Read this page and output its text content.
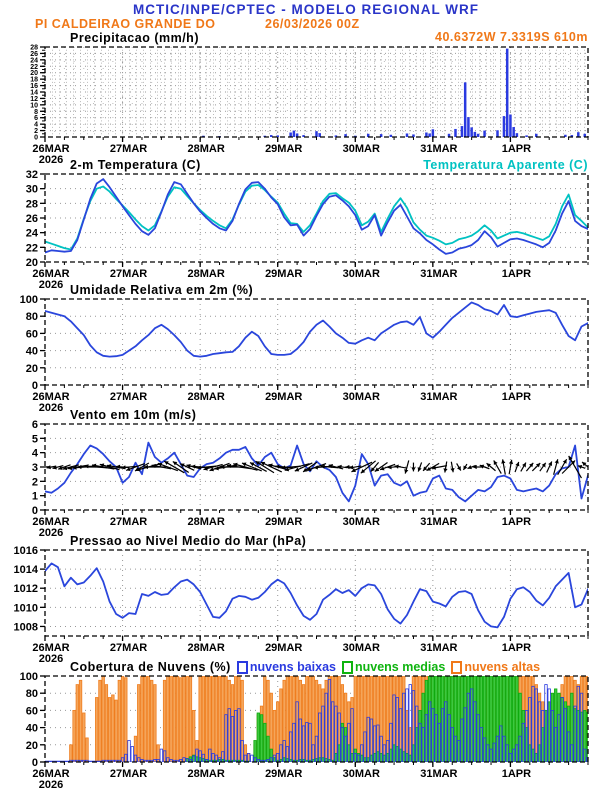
MCTIC/INPE/CPTEC - MODELO REGIONAL WRF
PI CALDEIRAO GRANDE DO	26/03/2026 00Z
Precipitacao (mm/h)	40.6372W 7.3319S 610m
0
2
4
6
8
10
12
14
16
18
20
22
24
26
28
26MAR
2026
27MAR	28MAR	29MAR	30MAR	31MAR	1APR
2-m Temperatura (C)	Temperatura Aparente (C)
20
22
24
26
28
30
32
26MAR
2026
27MAR	28MAR	29MAR	30MAR	31MAR	1APR
Umidade Relativa em 2m (%)
0
20
40
60
80
100
26MAR
2026
27MAR	28MAR	29MAR	30MAR	31MAR	1APR
Vento em 10m (m/s)
0
1
2
3
4
5
6
26MAR
2026
27MAR	28MAR	29MAR	30MAR	31MAR	1APR
Pressao ao Nivel Medio do Mar (hPa)
1008
1010
1012
1014
1016
26MAR
2026
27MAR	28MAR	29MAR	30MAR	31MAR	1APR
Cobertura de Nuvens (%) nuvens baixas nuvens medias nuvens altas
0
20
40
60
80
100
26MAR
2026
27MAR	28MAR	29MAR	30MAR	31MAR	1APR
